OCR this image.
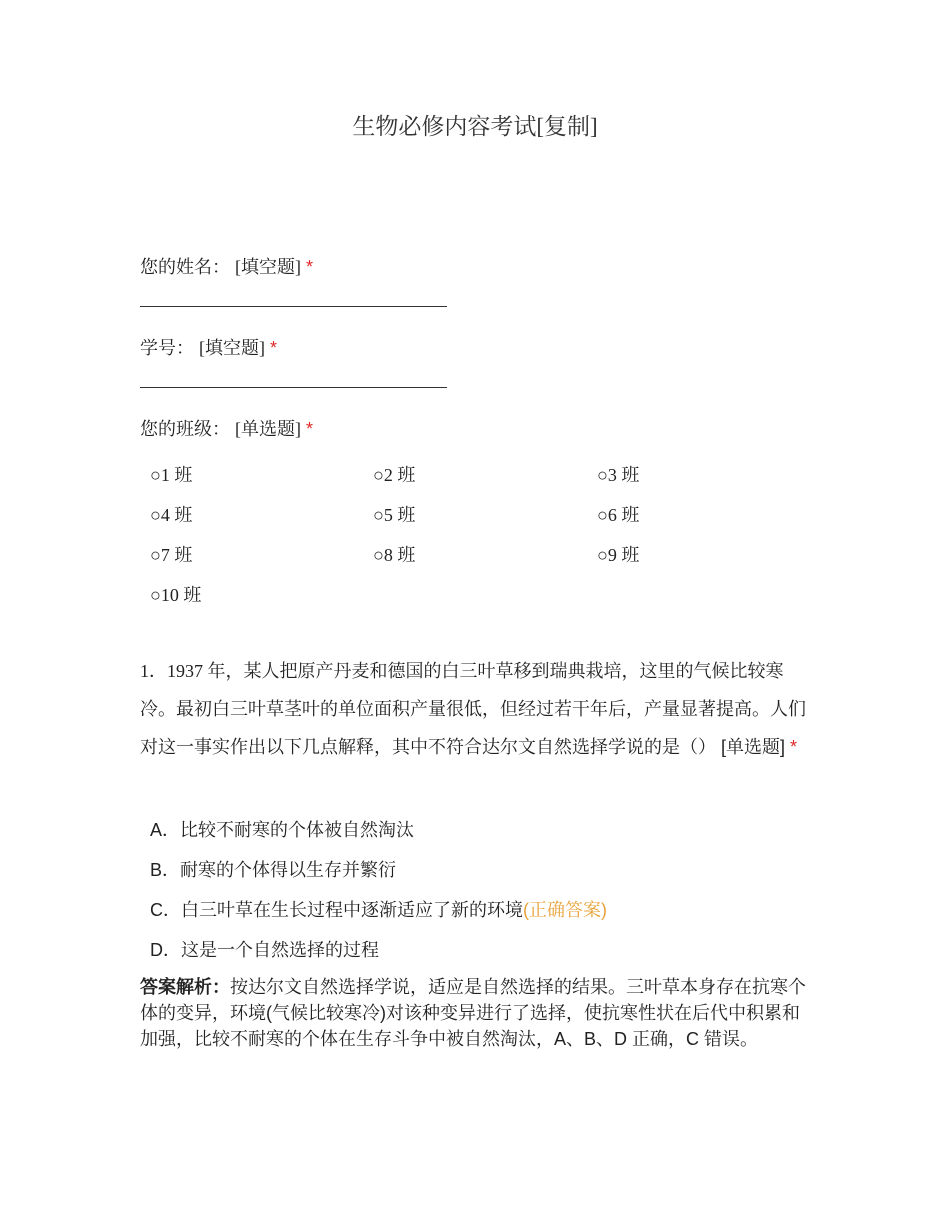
生物必修内容考试[复制]
您的姓名： [填空题] *
学号： [填空题] *
您的班级： [单选题] *
○1 班	○2 班	○3 班
○4 班	○5 班	○6 班
○7 班	○8 班	○9 班
○10 班
1．1937 年，某人把原产丹麦和德国的白三叶草移到瑞典栽培，这里的气候比较寒冷。最初白三叶草茎叶的单位面积产量很低，但经过若干年后，产量显著提高。人们对这一事实作出以下几点解释，其中不符合达尔文自然选择学说的是（） [单选题] *
A．比较不耐寒的个体被自然淘汰
B．耐寒的个体得以生存并繁衍
C．白三叶草在生长过程中逐渐适应了新的环境(正确答案)
D．这是一个自然选择的过程
答案解析：按达尔文自然选择学说，适应是自然选择的结果。三叶草本身存在抗寒个体的变异，环境(气候比较寒冷)对该种变异进行了选择，使抗寒性状在后代中积累和加强，比较不耐寒的个体在生存斗争中被自然淘汰，A、B、D 正确，C 错误。
